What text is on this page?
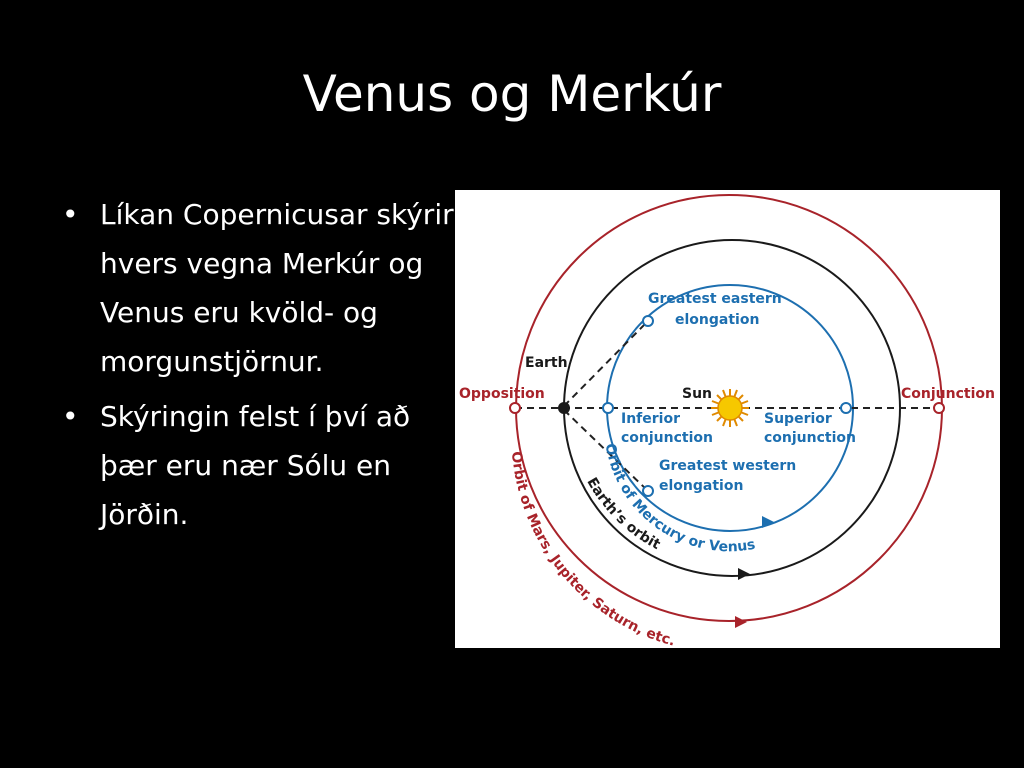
Venus og Merkúr
• Líkan Copernicusar skýrir hvers vegna Merkúr og Venus eru kvöld- og morgunstjörnur.
• Skýringin felst í því að þær eru nær Sólu en Jörðin.
Greatest eastern
elongation
Earth
Sun
Opposition	Conjunction
Inferior
conjunction
Superior
conjunction
Greatest western
elongation
Orbit of Mercury or Venus
Earth’s orbit
Orbit of Mars, Jupiter, Saturn, etc.
